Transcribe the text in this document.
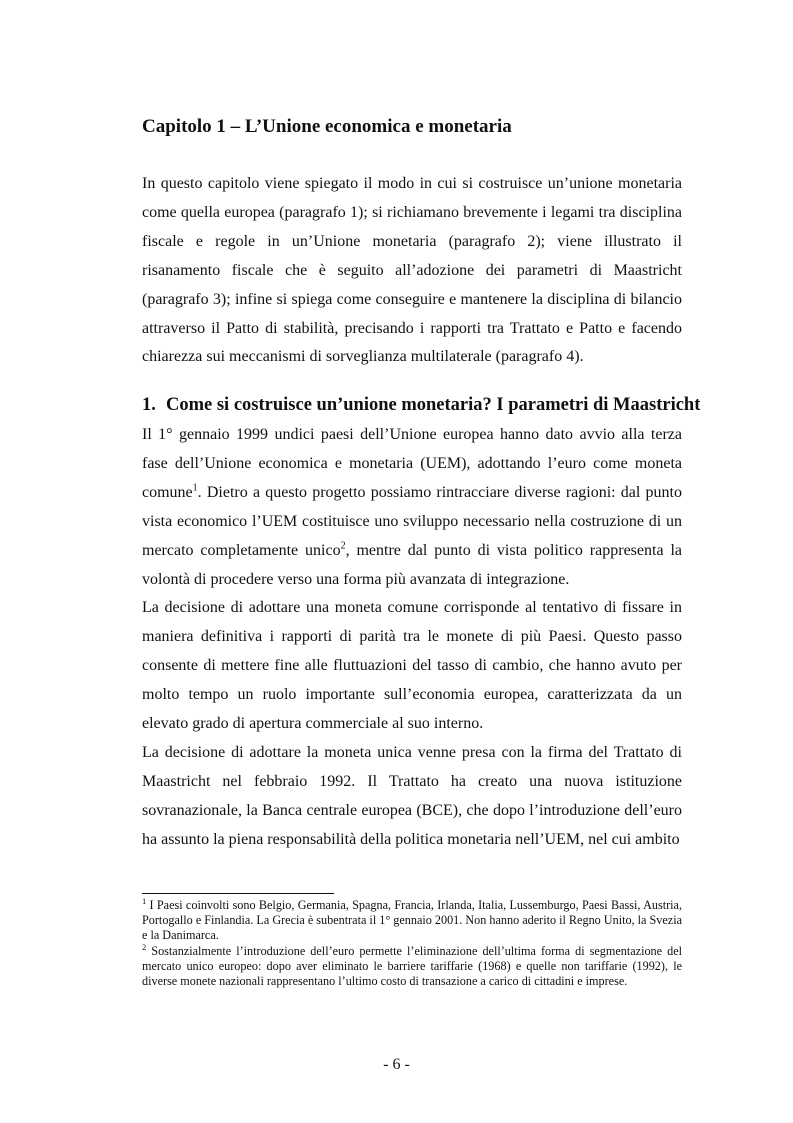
Capitolo 1 – L’Unione economica e monetaria

In questo capitolo viene spiegato il modo in cui si costruisce un’unione monetaria come quella europea (paragrafo 1); si richiamano brevemente i legami tra disciplina fiscale e regole in un’Unione monetaria (paragrafo 2); viene illustrato il risanamento fiscale che è seguito all’adozione dei parametri di Maastricht (paragrafo 3); infine si spiega come conseguire e mantenere la disciplina di bilancio attraverso il Patto di stabilità, precisando i rapporti tra Trattato e Patto e facendo chiarezza sui meccanismi di sorveglianza multilaterale (paragrafo 4).

1. Come si costruisce un’unione monetaria? I parametri di Maastricht

Il 1° gennaio 1999 undici paesi dell’Unione europea hanno dato avvio alla terza fase dell’Unione economica e monetaria (UEM), adottando l’euro come moneta comune$^1$. Dietro a questo progetto possiamo rintracciare diverse ragioni: dal punto vista economico l’UEM costituisce uno sviluppo necessario nella costruzione di un mercato completamente unico$^2$, mentre dal punto di vista politico rappresenta la volontà di procedere verso una forma più avanzata di integrazione.

La decisione di adottare una moneta comune corrisponde al tentativo di fissare in maniera definitiva i rapporti di parità tra le monete di più Paesi. Questo passo consente di mettere fine alle fluttuazioni del tasso di cambio, che hanno avuto per molto tempo un ruolo importante sull’economia europea, caratterizzata da un elevato grado di apertura commerciale al suo interno.

La decisione di adottare la moneta unica venne presa con la firma del Trattato di Maastricht nel febbraio 1992. Il Trattato ha creato una nuova istituzione sovranazionale, la Banca centrale europea (BCE), che dopo l’introduzione dell’euro ha assunto la piena responsabilità della politica monetaria nell’UEM, nel cui ambito

$^1$ I Paesi coinvolti sono Belgio, Germania, Spagna, Francia, Irlanda, Italia, Lussemburgo, Paesi Bassi, Austria, Portogallo e Finlandia. La Grecia è subentrata il 1° gennaio 2001. Non hanno aderito il Regno Unito, la Svezia e la Danimarca.

$^2$ Sostanzialmente l’introduzione dell’euro permette l’eliminazione dell’ultima forma di segmentazione del mercato unico europeo: dopo aver eliminato le barriere tariffarie (1968) e quelle non tariffarie (1992), le diverse monete nazionali rappresentano l’ultimo costo di transazione a carico di cittadini e imprese.

- 6 -
